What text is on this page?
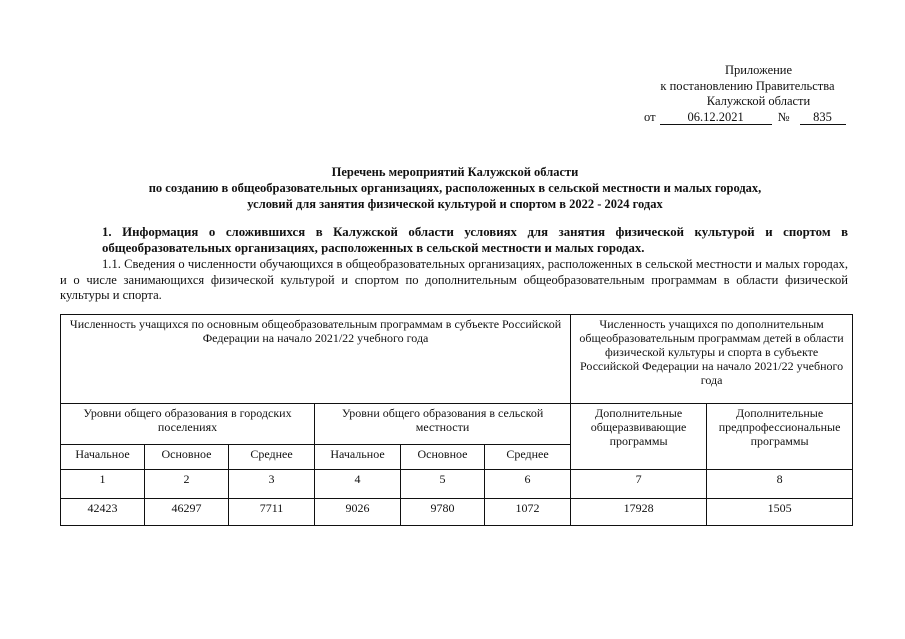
Приложение
к постановлению Правительства
Калужской области
от	06.12.2021	№	835
Перечень мероприятий Калужской области
по созданию в общеобразовательных организациях, расположенных в сельской местности и малых городах,
условий для занятия физической культурой и спортом в 2022 - 2024 годах
1. Информация о сложившихся в Калужской области условиях для занятия физической культурой и спортом в общеобразовательных организациях, расположенных в сельской местности и малых городах.
1.1. Сведения о численности обучающихся в общеобразовательных организациях, расположенных в сельской местности и малых городах, и о числе занимающихся физической культурой и спортом по дополнительным общеобразовательным программам в области физической культуры и спорта.
Численность учащихся по основным общеобразовательным программам в субъекте Российской Федерации на начало 2021/22 учебного года						Численность учащихся по дополнительным общеобразовательным программам детей в области физической культуры и спорта в субъекте Российской Федерации на начало 2021/22 учебного года	
Уровни общего образования в городских поселениях			Уровни общего образования в сельской местности			Дополнительные общеразвивающие программы	Дополнительные предпрофессиональные программы
Начальное	Основное	Среднее	Начальное	Основное	Среднее		
1	2	3	4	5	6	7	8
42423	46297	7711	9026	9780	1072	17928	1505
